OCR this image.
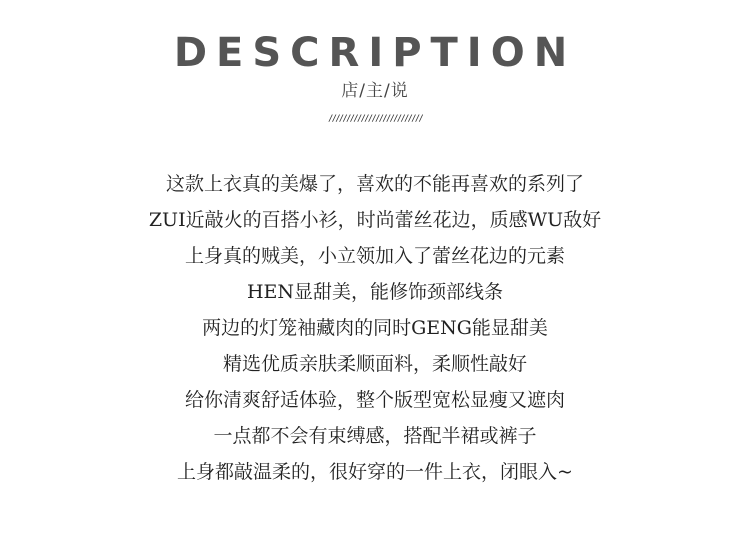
DESCRIPTION
店/主/说
//////////////////////////
这款上衣真的美爆了，喜欢的不能再喜欢的系列了
ZUI近敲火的百搭小衫，时尚蕾丝花边，质感WU敌好
上身真的贼美，小立领加入了蕾丝花边的元素
HEN显甜美，能修饰颈部线条
两边的灯笼袖藏肉的同时GENG能显甜美
精选优质亲肤柔顺面料，柔顺性敲好
给你清爽舒适体验，整个版型宽松显瘦又遮肉
一点都不会有束缚感，搭配半裙或裤子
上身都敲温柔的，很好穿的一件上衣，闭眼入~
